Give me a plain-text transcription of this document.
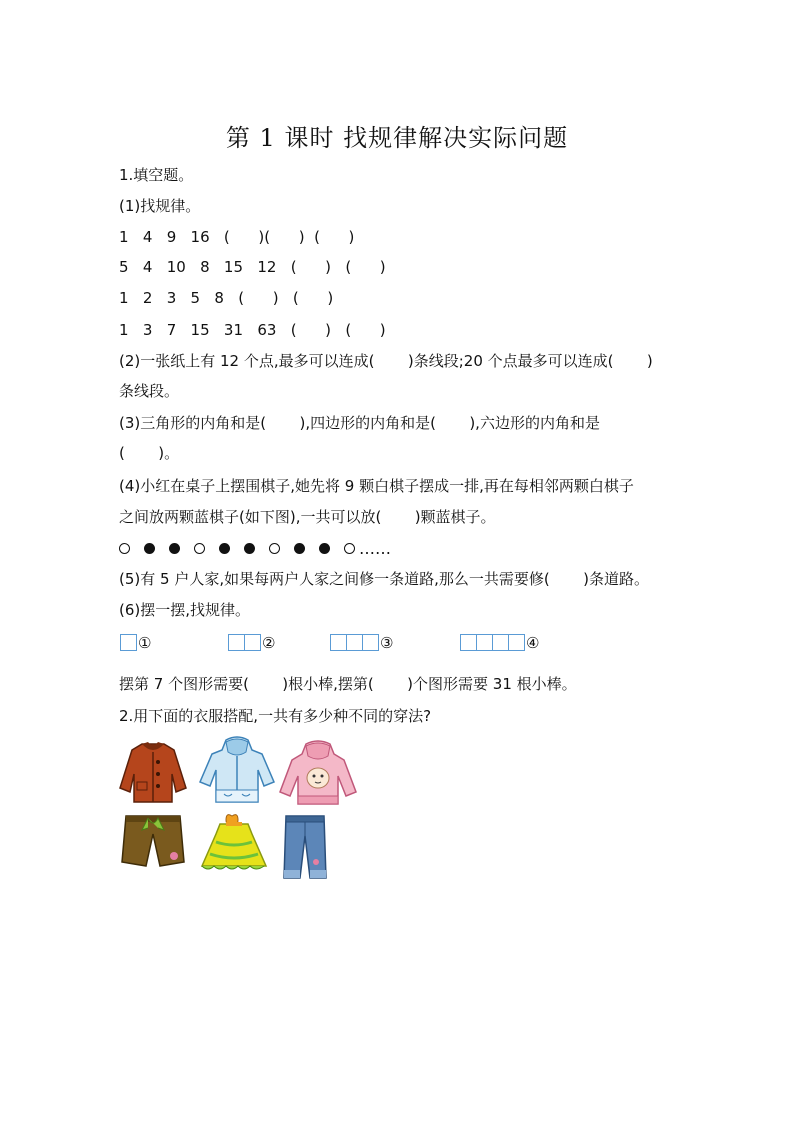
第 1 课时 找规律解决实际问题
1.填空题。
(1)找规律。
1   4   9   16   (      )(      )  (      )
5   4   10   8   15   12   (      )   (      )
1   2   3   5   8   (      )   (      )
1   3   7   15   31   63   (      )   (      )
(2)一张纸上有 12 个点,最多可以连成(       )条线段;20 个点最多可以连成(       )
条线段。
(3)三角形的内角和是(       ),四边形的内角和是(       ),六边形的内角和是
(       )。
(4)小红在桌子上摆围棋子,她先将 9 颗白棋子摆成一排,再在每相邻两颗白棋子
之间放两颗蓝棋子(如下图),一共可以放(       )颗蓝棋子。
……
(5)有 5 户人家,如果每两户人家之间修一条道路,那么一共需要修(       )条道路。
(6)摆一摆,找规律。
①	②	③	④
摆第 7 个图形需要(       )根小棒,摆第(       )个图形需要 31 根小棒。
2.用下面的衣服搭配,一共有多少种不同的穿法?
